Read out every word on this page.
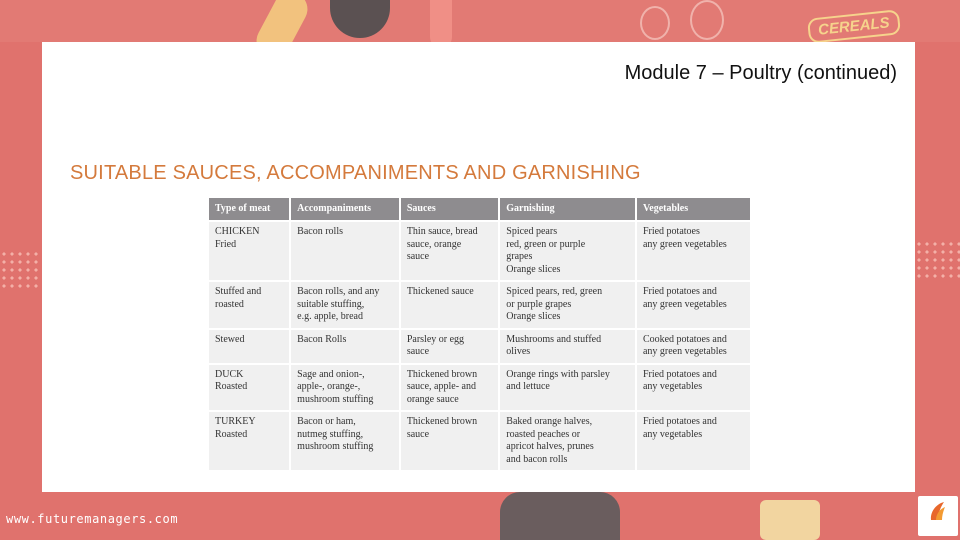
CEREALS
Module 7 – Poultry (continued)
SUITABLE SAUCES, ACCOMPANIMENTS AND GARNISHING
Type of meat	Accompaniments	Sauces	Garnishing	Vegetables

CHICKEN
Fried	Bacon rolls	Thin sauce, bread
sauce, orange
sauce	Spiced pears
red, green or purple
grapes
Orange slices	Fried potatoes
any green vegetables

Stuffed and
roasted	Bacon rolls, and any
suitable stuffing,
e.g. apple, bread	Thickened sauce	Spiced pears, red, green
or purple grapes
Orange slices	Fried potatoes and
any green vegetables

Stewed	Bacon Rolls	Parsley or egg
sauce	Mushrooms and stuffed
olives	Cooked potatoes and
any green vegetables

DUCK
Roasted	Sage and onion-,
apple-, orange-,
mushroom stuffing	Thickened brown
sauce, apple- and
orange sauce	Orange rings with parsley
and lettuce	Fried potatoes and
any vegetables

TURKEY
Roasted	Bacon or ham,
nutmeg stuffing,
mushroom stuffing	Thickened brown
sauce	Baked orange halves,
roasted peaches or
apricot halves, prunes
and bacon rolls	Fried potatoes and
any vegetables
www.futuremanagers.com
